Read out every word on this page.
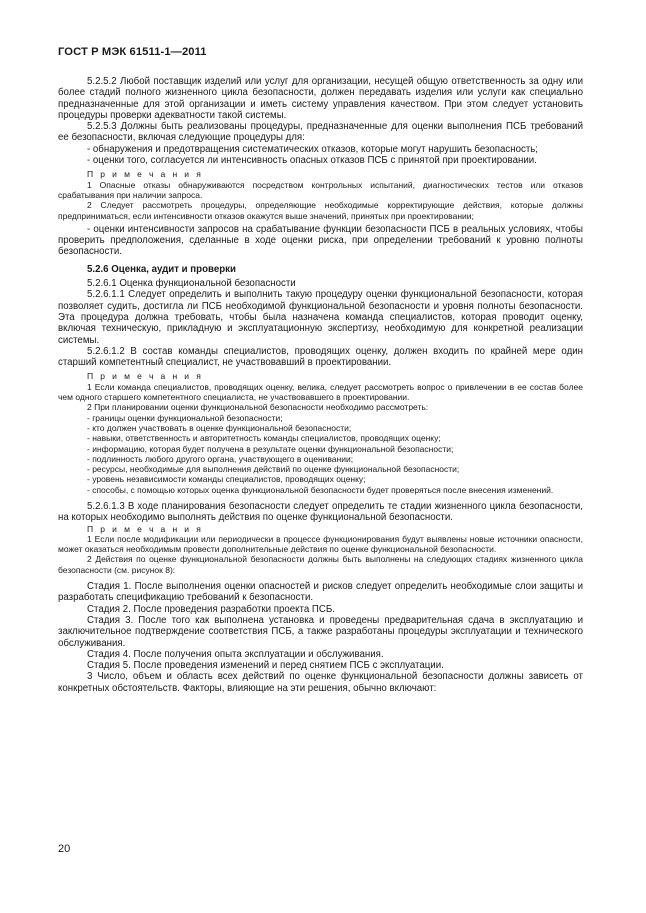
ГОСТ Р МЭК 61511-1—2011

5.2.5.2 Любой поставщик изделий или услуг для организации, несущей общую ответственность за одну или более стадий полного жизненного цикла безопасности, должен передавать изделия или услуги как специально предназначенные для этой организации и иметь систему управления качеством. При этом следует установить процедуры проверки адекватности такой системы.

5.2.5.3 Должны быть реализованы процедуры, предназначенные для оценки выполнения ПСБ требований ее безопасности, включая следующие процедуры для:

- обнаружения и предотвращения систематических отказов, которые могут нарушить безопасность;

- оценки того, согласуется ли интенсивность опасных отказов ПСБ с принятой при проектировании.

П р и м е ч а н и я

1 Опасные отказы обнаруживаются посредством контрольных испытаний, диагностических тестов или отказов срабатывания при наличии запроса.

2 Следует рассмотреть процедуры, определяющие необходимые корректирующие действия, которые должны предприниматься, если интенсивности отказов окажутся выше значений, принятых при проектировании;

- оценки интенсивности запросов на срабатывание функции безопасности ПСБ в реальных условиях, чтобы проверить предположения, сделанные в ходе оценки риска, при определении требований к уровню полноты безопасности.

5.2.6 Оценка, аудит и проверки

5.2.6.1 Оценка функциональной безопасности

5.2.6.1.1 Следует определить и выполнить такую процедуру оценки функциональной безопасности, которая позволяет судить, достигла ли ПСБ необходимой функциональной безопасности и уровня полноты безопасности. Эта процедура должна требовать, чтобы была назначена команда специалистов, которая проводит оценку, включая техническую, прикладную и эксплуатационную экспертизу, необходимую для конкретной реализации системы.

5.2.6.1.2 В состав команды специалистов, проводящих оценку, должен входить по крайней мере один старший компетентный специалист, не участвовавший в проектировании.

П р и м е ч а н и я

1 Если команда специалистов, проводящих оценку, велика, следует рассмотреть вопрос о привлечении в ее состав более чем одного старшего компетентного специалиста, не участвовавшего в проектировании.

2 При планировании оценки функциональной безопасности необходимо рассмотреть:

- границы оценки функциональной безопасности;

- кто должен участвовать в оценке функциональной безопасности;

- навыки, ответственность и авторитетность команды специалистов, проводящих оценку;

- информацию, которая будет получена в результате оценки функциональной безопасности;

- подлинность любого другого органа, участвующего в оценивании;

- ресурсы, необходимые для выполнения действий по оценке функциональной безопасности;

- уровень независимости команды специалистов, проводящих оценку;

- способы, с помощью которых оценка функциональной безопасности будет проверяться после внесения изменений.

5.2.6.1.3 В ходе планирования безопасности следует определить те стадии жизненного цикла безопасности, на которых необходимо выполнять действия по оценке функциональной безопасности.

П р и м е ч а н и я

1 Если после модификации или периодически в процессе функционирования будут выявлены новые источники опасности, может оказаться необходимым провести дополнительные действия по оценке функциональной безопасности.

2 Действия по оценке функциональной безопасности должны быть выполнены на следующих стадиях жизненного цикла безопасности (см. рисунок 8):

Стадия 1. После выполнения оценки опасностей и рисков следует определить необходимые слои защиты и разработать спецификацию требований к безопасности.

Стадия 2. После проведения разработки проекта ПСБ.

Стадия 3. После того как выполнена установка и проведены предварительная сдача в эксплуатацию и заключительное подтверждение соответствия ПСБ, а также разработаны процедуры эксплуатации и технического обслуживания.

Стадия 4. После получения опыта эксплуатации и обслуживания.

Стадия 5. После проведения изменений и перед снятием ПСБ с эксплуатации.

3 Число, объем и область всех действий по оценке функциональной безопасности должны зависеть от конкретных обстоятельств. Факторы, влияющие на эти решения, обычно включают:

20
